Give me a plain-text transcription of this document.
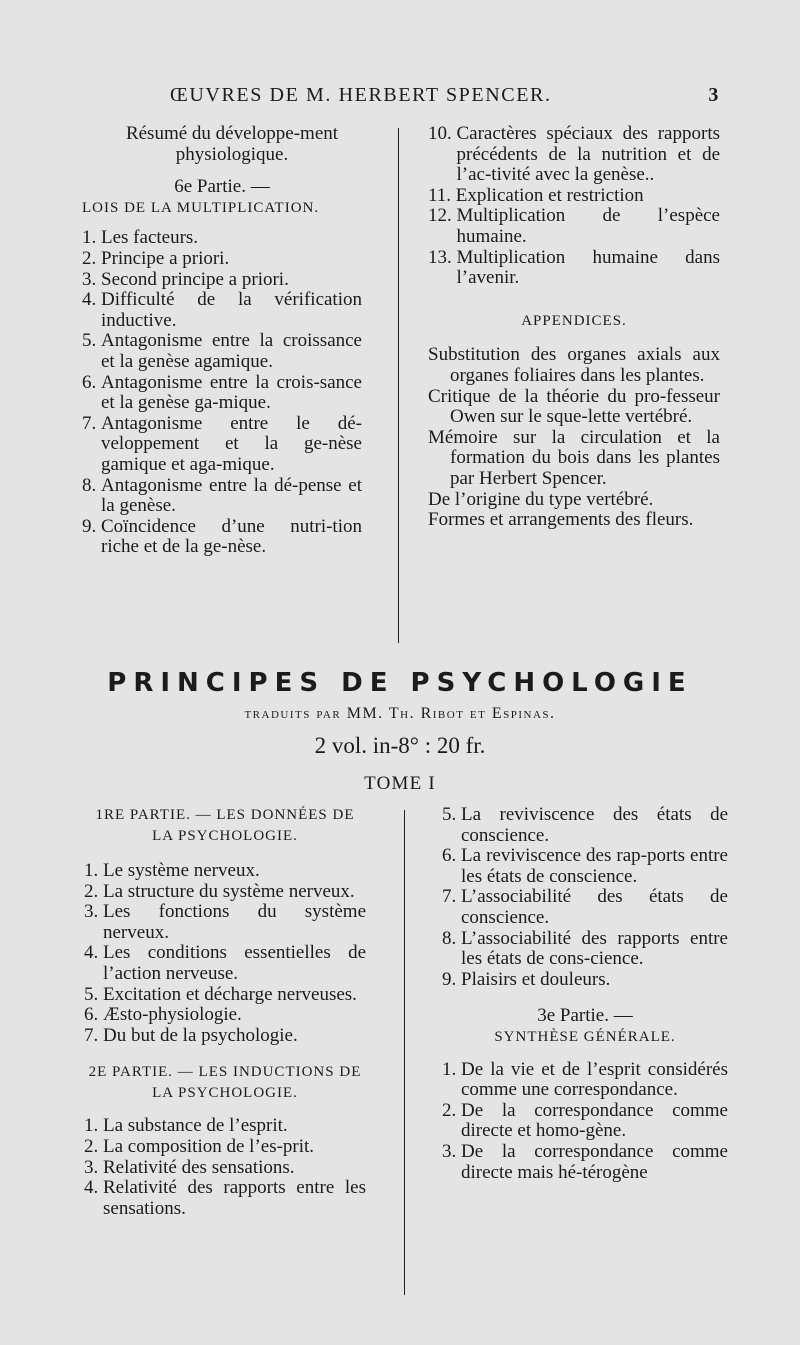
ŒUVRES DE M. HERBERT SPENCER.	3

Résumé du développe-ment physiologique.

6e Partie. —

LOIS DE LA MULTIPLICATION.

1.
Les facteurs.
2.
Principe a priori.
3.
Second principe a priori.
4.
Difficulté de la vérification inductive.
5.
Antagonisme entre la croissance et la genèse agamique.
6.
Antagonisme entre la crois-sance et la genèse ga-mique.
7.
Antagonisme entre le dé-veloppement et la ge-nèse gamique et aga-mique.
8.
Antagonisme entre la dé-pense et la genèse.
9.
Coïncidence d’une nutri-tion riche et de la ge-nèse.
10.
Caractères spéciaux des rapports précédents de la nutrition et de l’ac-tivité avec la genèse..
11.
Explication et restriction
12.
Multiplication de l’espèce humaine.
13.
Multiplication humaine dans l’avenir.

APPENDICES.

Substitution des organes axials aux organes foliaires dans les plantes.

Critique de la théorie du pro-fesseur Owen sur le sque-lette vertébré.

Mémoire sur la circulation et la formation du bois dans les plantes par Herbert Spencer.

De l’origine du type vertébré.

Formes et arrangements des fleurs.

PRINCIPES DE PSYCHOLOGIE
traduits par MM. Th. Ribot et Espinas.
2 vol. in-8° : 20 fr.
TOME I

1RE PARTIE. — LES DONNÉES DE LA PSYCHOLOGIE.

1.
Le système nerveux.
2.
La structure du système nerveux.
3.
Les fonctions du système nerveux.
4.
Les conditions essentielles de l’action nerveuse.
5.
Excitation et décharge nerveuses.
6.
Æsto-physiologie.
7.
Du but de la psychologie.

2E PARTIE. — LES INDUCTIONS DE LA PSYCHOLOGIE.

1.
La substance de l’esprit.
2.
La composition de l’es-prit.
3.
Relativité des sensations.
4.
Relativité des rapports entre les sensations.
5.
La reviviscence des états de conscience.
6.
La reviviscence des rap-ports entre les états de conscience.
7.
L’associabilité des états de conscience.
8.
L’associabilité des rapports entre les états de cons-cience.
9.
Plaisirs et douleurs.

3e Partie. —

SYNTHÈSE GÉNÉRALE.

1.
De la vie et de l’esprit considérés comme une correspondance.
2.
De la correspondance comme directe et homo-gène.
3.
De la correspondance comme directe mais hé-térogène
